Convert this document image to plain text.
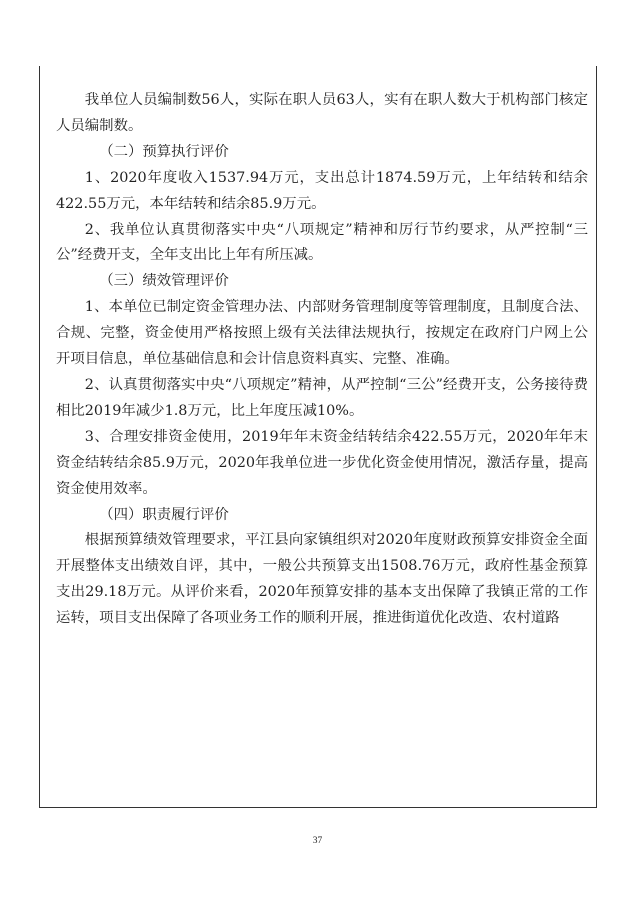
我单位人员编制数56人，实际在职人员63人，实有在职人数大于机构部门核定人员编制数。

（二）预算执行评价

1、2020年度收入1537.94万元，支出总计1874.59万元，上年结转和结余422.55万元，本年结转和结余85.9万元。

2、我单位认真贯彻落实中央“八项规定”精神和厉行节约要求，从严控制“三公”经费开支，全年支出比上年有所压减。

（三）绩效管理评价

1、本单位已制定资金管理办法、内部财务管理制度等管理制度，且制度合法、合规、完整，资金使用严格按照上级有关法律法规执行，按规定在政府门户网上公开项目信息，单位基础信息和会计信息资料真实、完整、准确。

2、认真贯彻落实中央“八项规定”精神，从严控制“三公”经费开支，公务接待费相比2019年减少1.8万元，比上年度压减10%。

3、合理安排资金使用，2019年年末资金结转结余422.55万元，2020年年末资金结转结余85.9万元，2020年我单位进一步优化资金使用情况，激活存量，提高资金使用效率。

（四）职责履行评价

根据预算绩效管理要求，平江县向家镇组织对2020年度财政预算安排资金全面开展整体支出绩效自评，其中，一般公共预算支出1508.76万元，政府性基金预算支出29.18万元。从评价来看，2020年预算安排的基本支出保障了我镇正常的工作运转，项目支出保障了各项业务工作的顺利开展，推进街道优化改造、农村道路

37
